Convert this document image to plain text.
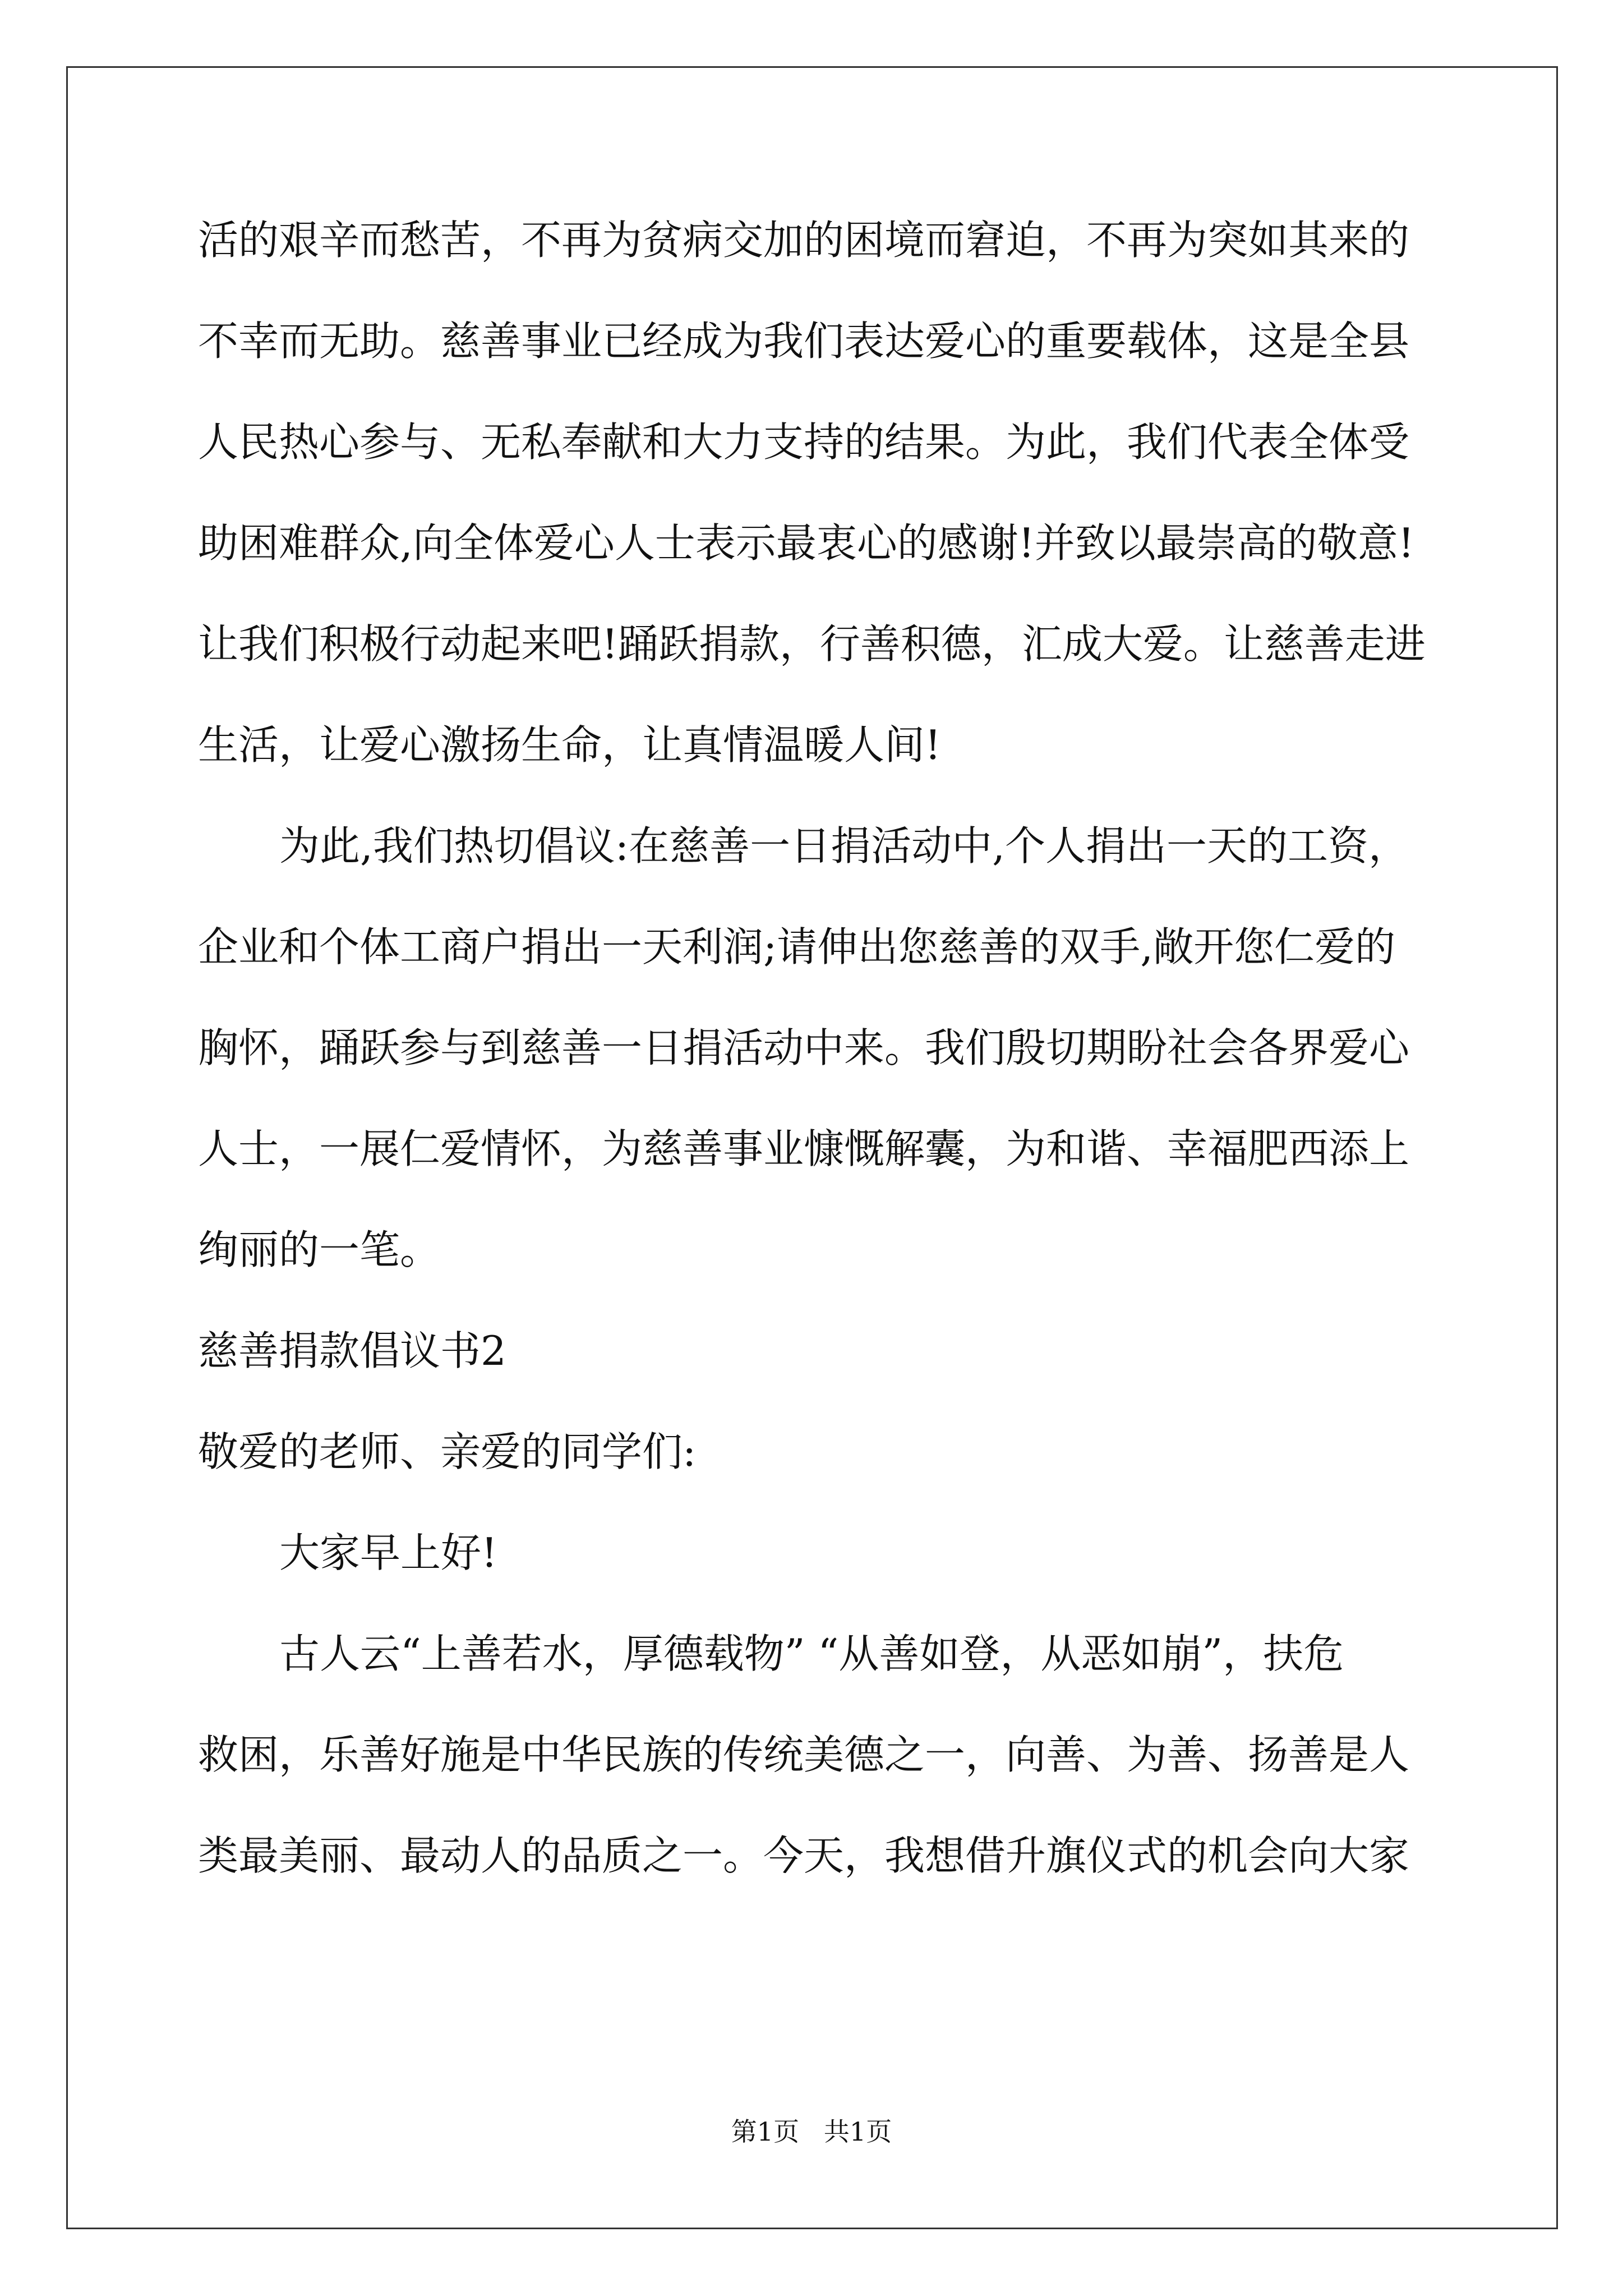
活的艰辛而愁苦，不再为贫病交加的困境而窘迫，不再为突如其来的
不幸而无助。慈善事业已经成为我们表达爱心的重要载体，这是全县
人民热心参与、无私奉献和大力支持的结果。为此，我们代表全体受
助困难群众,向全体爱心人士表示最衷心的感谢!并致以最崇高的敬意!
让我们积极行动起来吧!踊跃捐款，行善积德，汇成大爱。让慈善走进
生活，让爱心激扬生命，让真情温暖人间!
为此,我们热切倡议:在慈善一日捐活动中,个人捐出一天的工资，
企业和个体工商户捐出一天利润;请伸出您慈善的双手,敞开您仁爱的
胸怀，踊跃参与到慈善一日捐活动中来。我们殷切期盼社会各界爱心
人士，一展仁爱情怀，为慈善事业慷慨解囊，为和谐、幸福肥西添上
绚丽的一笔。
慈善捐款倡议书2
敬爱的老师、亲爱的同学们:
大家早上好!
古人云“上善若水，厚德载物” “从善如登，从恶如崩”，扶危
救困，乐善好施是中华民族的传统美德之一，向善、为善、扬善是人
类最美丽、最动人的品质之一。今天，我想借升旗仪式的机会向大家
第1页   共1页
